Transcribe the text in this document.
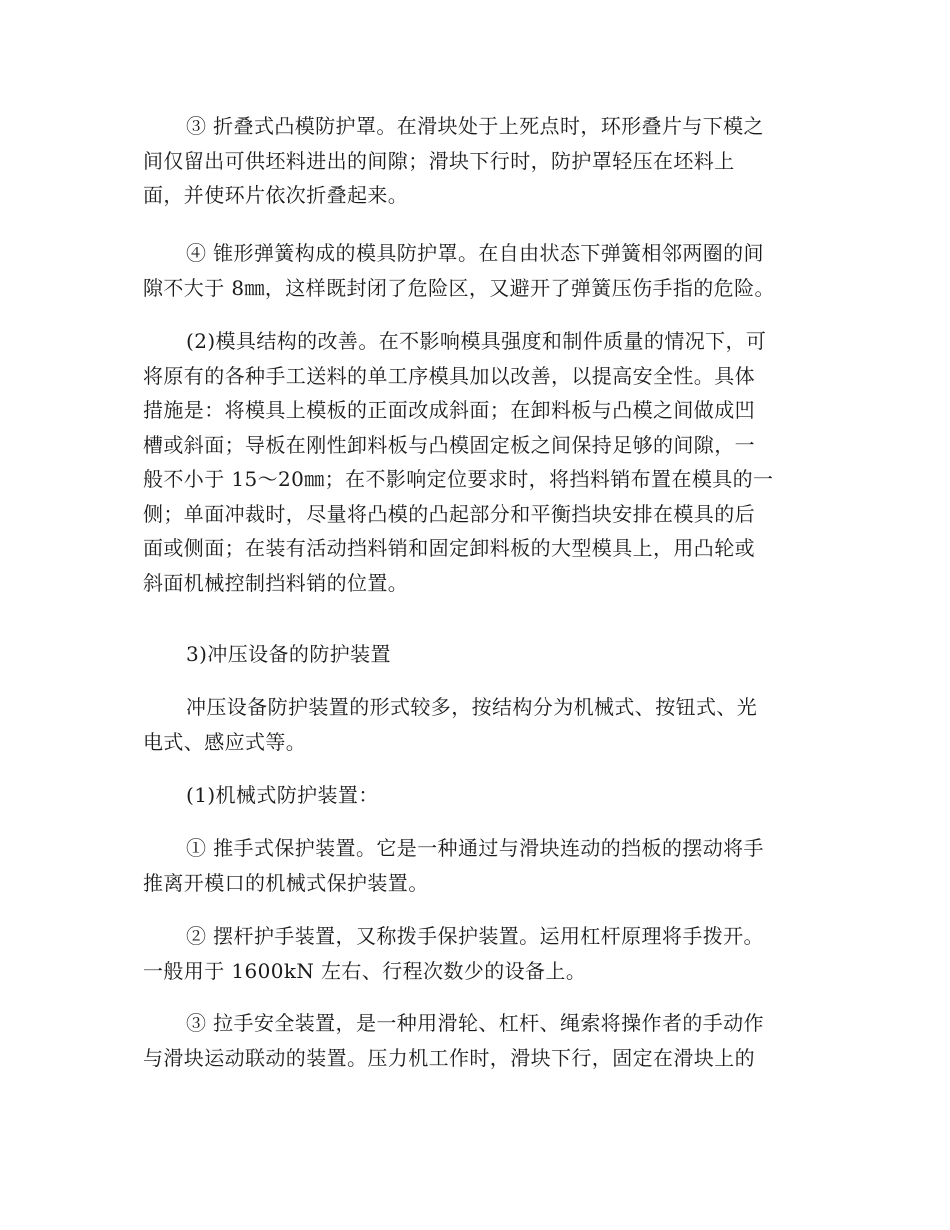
③ 折叠式凸模防护罩。在滑块处于上死点时，环形叠片与下模之
间仅留出可供坯料进出的间隙；滑块下行时，防护罩轻压在坯料上
面，并使环片依次折叠起来。
④ 锥形弹簧构成的模具防护罩。在自由状态下弹簧相邻两圈的间
隙不大于 8㎜，这样既封闭了危险区，又避开了弹簧压伤手指的危险。
(2)模具结构的改善。在不影响模具强度和制件质量的情况下，可
将原有的各种手工送料的单工序模具加以改善，以提高安全性。具体
措施是：将模具上模板的正面改成斜面；在卸料板与凸模之间做成凹
槽或斜面；导板在刚性卸料板与凸模固定板之间保持足够的间隙，一
般不小于 15～20㎜；在不影响定位要求时，将挡料销布置在模具的一
侧；单面冲裁时，尽量将凸模的凸起部分和平衡挡块安排在模具的后
面或侧面；在装有活动挡料销和固定卸料板的大型模具上，用凸轮或
斜面机械控制挡料销的位置。
3)冲压设备的防护装置
冲压设备防护装置的形式较多，按结构分为机械式、按钮式、光
电式、感应式等。
(1)机械式防护装置：
① 推手式保护装置。它是一种通过与滑块连动的挡板的摆动将手
推离开模口的机械式保护装置。
② 摆杆护手装置，又称拨手保护装置。运用杠杆原理将手拨开。
一般用于 1600kN 左右、行程次数少的设备上。
③ 拉手安全装置，是一种用滑轮、杠杆、绳索将操作者的手动作
与滑块运动联动的装置。压力机工作时，滑块下行，固定在滑块上的
